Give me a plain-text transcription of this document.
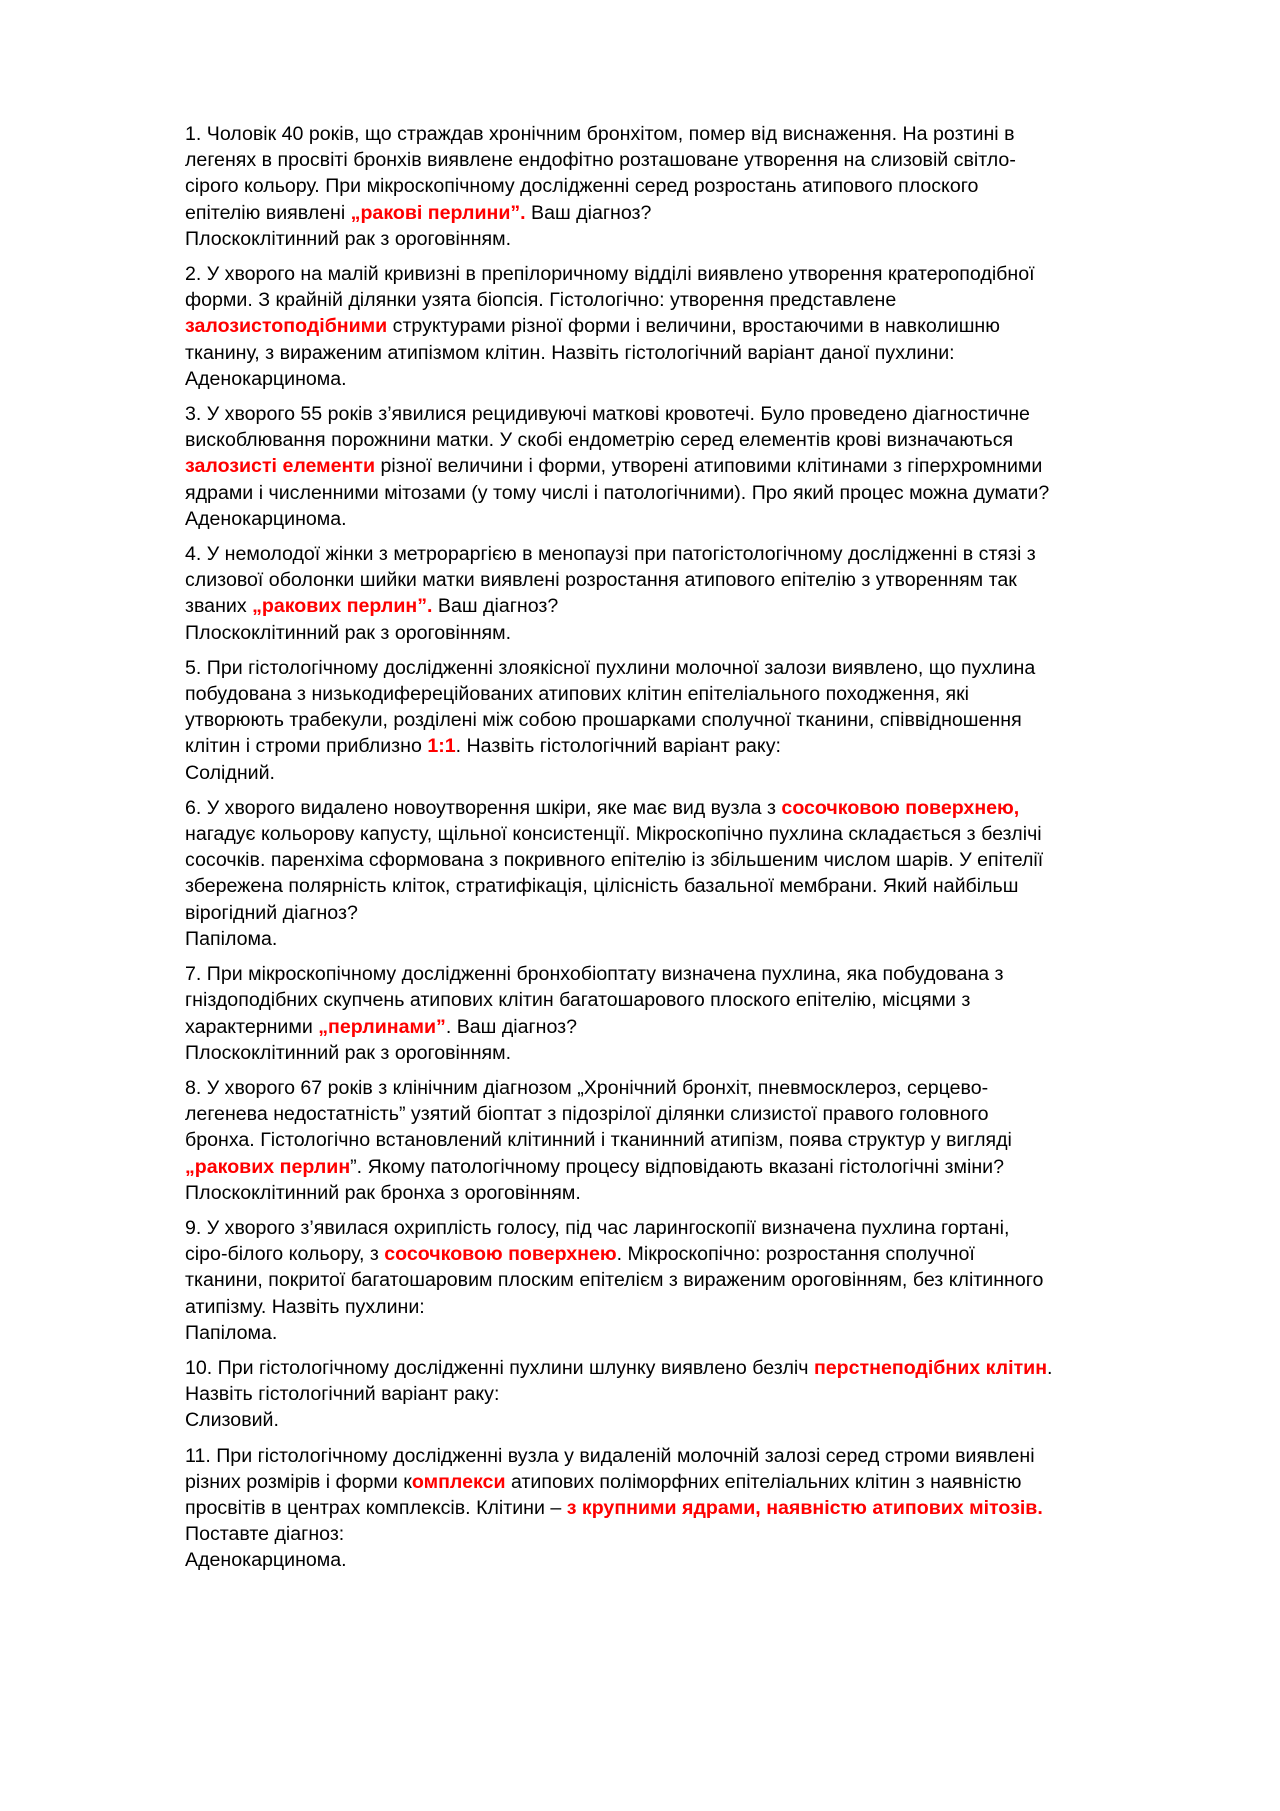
1. Чоловік 40 років, що страждав хронічним бронхітом, помер від виснаження. На розтині в
легенях в просвіті бронхів виявлене ендофітно розташоване утворення на слизовій світло-
сірого кольору. При мікроскопічному дослідженні серед розростань атипового плоского
епітелію виявлені „ракові перлини”. Ваш діагноз?
Плоскоклітинний рак з ороговінням.
2. У хворого на малій кривизні в препілоричному відділі виявлено утворення кратероподібної
форми. З крайній ділянки узята біопсія. Гістологічно: утворення представлене
залозистоподібними структурами різної форми і величини, вростаючими в навколишню
тканину, з вираженим атипізмом клітин. Назвіть гістологічний варіант даної пухлини:
Аденокарцинома.
3. У хворого 55 років з’явилися рецидивуючі маткові кровотечі. Було проведено діагностичне
вискоблювання порожнини матки. У скобі ендометрію серед елементів крові визначаються
залозисті елементи різної величини і форми, утворені атиповими клітинами з гіперхромними
ядрами і численними мітозами (у тому числі і патологічними). Про який процес можна думати?
Аденокарцинома.
4. У немолодої жінки з метрорaргією в менопаузі при патогістологічному дослідженні в стязі з
слизової оболонки шийки матки виявлені розростання атипового епітелію з утворенням так
званих „ракових перлин”. Ваш діагноз?
Плоскоклітинний рак з ороговінням.
5. При гістологічному дослідженні злоякісної пухлини молочної залози виявлено, що пухлина
побудована з низькодиферецiйованих атипових клітин епітеліального походження, які
утворюють трабекули, розділені між собою прошарками сполучної тканини, співвідношення
клітин і строми приблизно 1:1. Назвіть гістологічний варіант раку:
Солідний.
6. У хворого видалено новоутворення шкіри, яке має вид вузла з сосочковою поверхнею,
нагадує кольорову капусту, щільної консистенції. Мікроскопічно пухлина складається з безлічі
сосочків. паренхіма сформована з покривного епітелію із збільшеним числом шарів. У епітелії
збережена полярність кліток, стратифікація, цілісність базальної мембрани. Який найбільш
вірогідний діагноз?
Папілома.
7. При мікроскопічному дослідженні бронхобіоптату визначена пухлина, яка побудована з
гніздоподібних скупчень атипових клітин багатошарового плоского епітелію, місцями з
характерними „перлинами”. Ваш діагноз?
Плоскоклітинний рак з ороговінням.
8. У хворого 67 років з клінічним діагнозом „Хронічний бронхіт, пневмосклероз, серцево-
легенева недостатність” узятий біоптат з підозрілої ділянки слизистої правого головного
бронха. Гістологічно встановлений клітинний і тканинний атипізм, поява структур у вигляді
„ракових перлин”. Якому патологічному процесу відповідають вказані гістологічні зміни?
Плоскоклітинний рак бронха з ороговінням.
9. У хворого з’явилася охриплість голосу, під час ларингоскопії визначена пухлина гортані,
сіро-білого кольору, з сосочковою поверхнею. Мікроскопічно: розростання сполучної
тканини, покритої багатошаровим плоским епітелієм з вираженим ороговінням, без клітинного
атипізму. Назвіть пухлини:
Папілома.
10. При гістологічному дослідженні пухлини шлунку виявлено безліч перстнеподібних клітин.
Назвіть гістологічний варіант раку:
Слизовий.
11. При гістологічному дослідженні вузла у видаленій молочній залозі серед строми виявлені
різних розмірів і форми комплекси атипових поліморфних епітеліальних клітин з наявністю
просвітів в центрах комплексів. Клітини – з крупними ядрами, наявністю атипових мітозів.
Поставте діагноз:
Аденокарцинома.
